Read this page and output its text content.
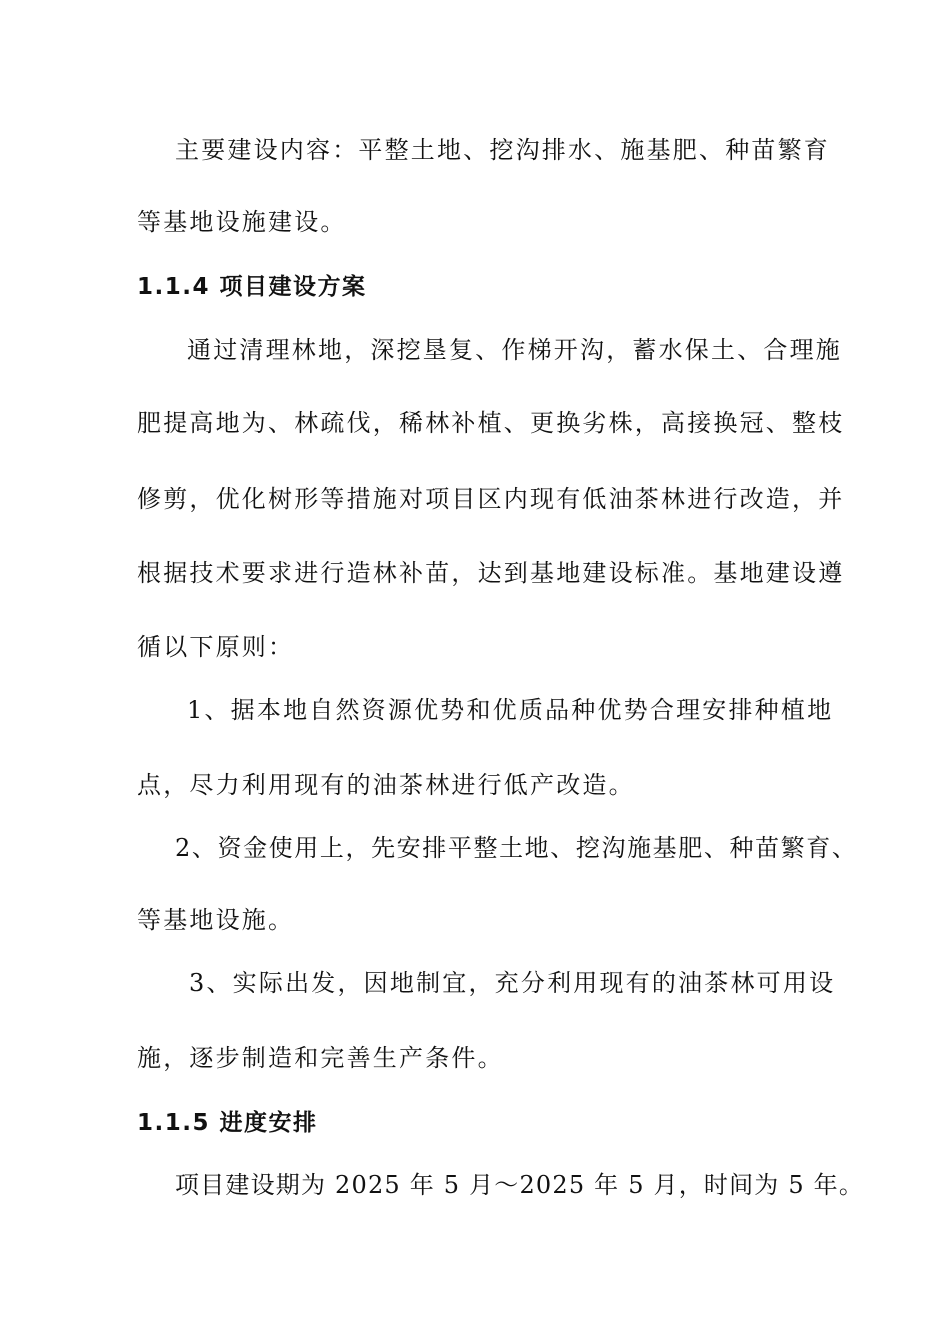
主要建设内容：平整土地、挖沟排水、施基肥、种苗繁育
等基地设施建设。
1.1.4 项目建设方案
通过清理林地，深挖垦复、作梯开沟，蓄水保土、合理施
肥提高地为、林疏伐，稀林补植、更换劣株，高接换冠、整枝
修剪，优化树形等措施对项目区内现有低油茶林进行改造，并
根据技术要求进行造林补苗，达到基地建设标准。基地建设遵
循以下原则：
1、据本地自然资源优势和优质品种优势合理安排种植地
点，尽力利用现有的油茶林进行低产改造。
2、资金使用上，先安排平整土地、挖沟施基肥、种苗繁育、
等基地设施。
3、实际出发，因地制宜，充分利用现有的油茶林可用设
施，逐步制造和完善生产条件。
1.1.5 进度安排
项目建设期为 2025 年 5 月～2025 年 5 月，时间为 5 年。
